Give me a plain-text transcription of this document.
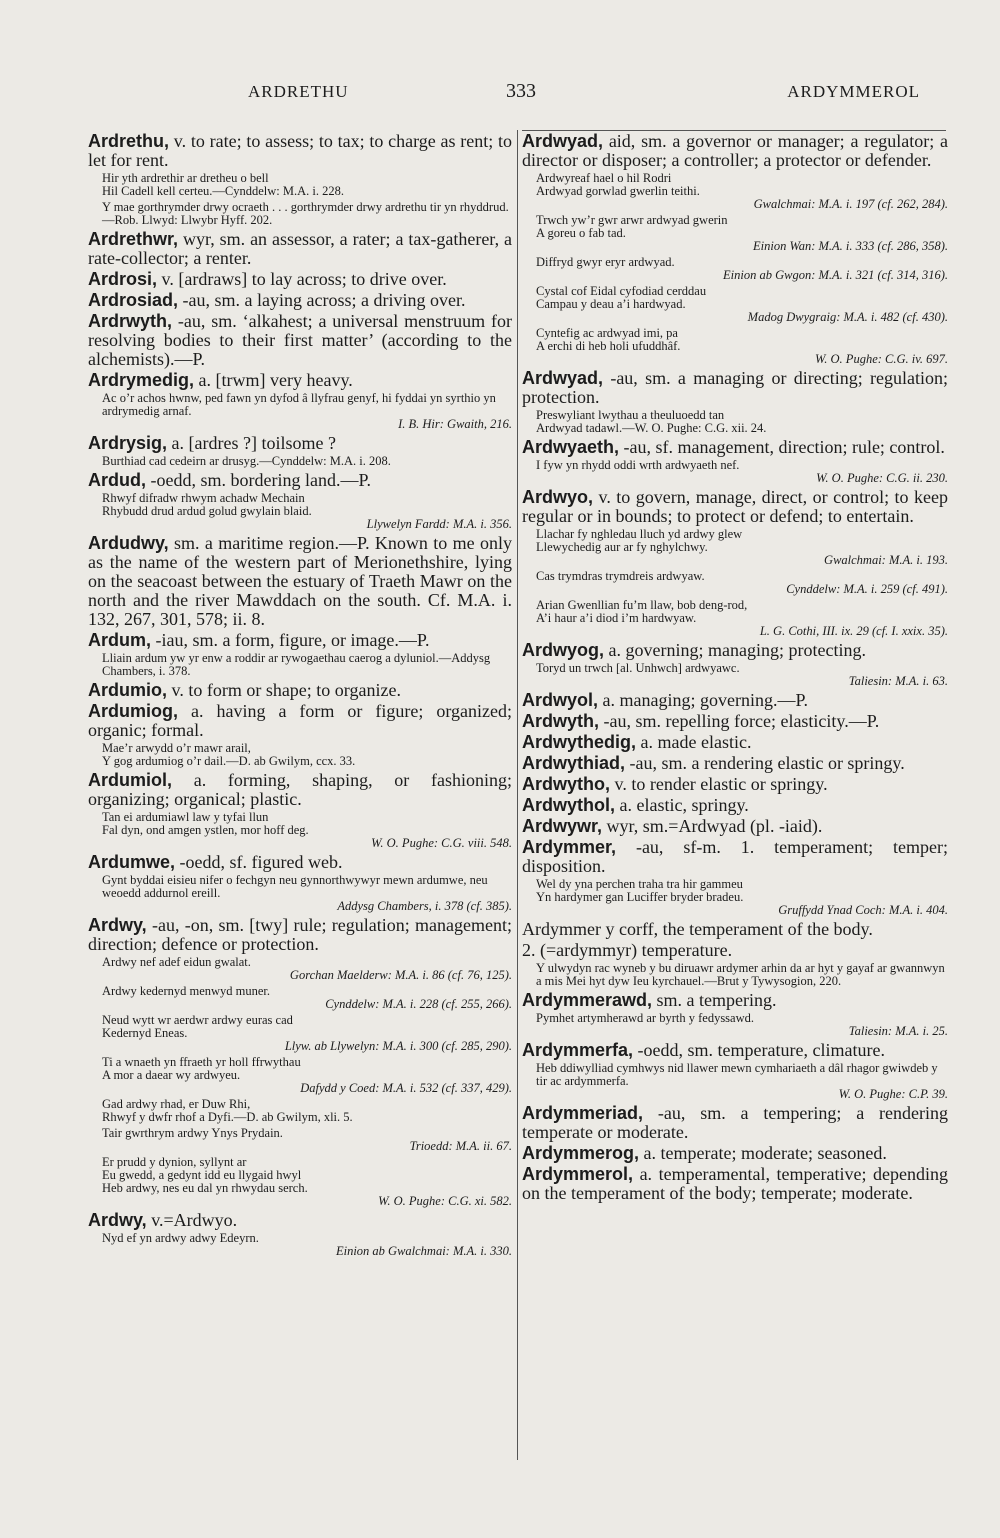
ARDRETHU	333	ARDYMMEROL
Ardrethu, v. to rate; to assess; to tax; to charge as rent; to let for rent.
Hir yth ardrethir ar dretheu o bell
Hil Cadell kell certeu.—Cynddelw: M.A. i. 228.
Y mae gorthrymder drwy ocraeth . . . gorthrymder drwy ardrethu tir yn rhyddrud.—Rob. Llwyd: Llwybr Hyff. 202.
Ardrethwr, wyr, sm. an assessor, a rater; a tax-gatherer, a rate-collector; a renter.
Ardrosi, v. [ardraws] to lay across; to drive over.
Ardrosiad, -au, sm. a laying across; a driving over.
Ardrwyth, -au, sm. ‘alkahest; a universal menstruum for resolving bodies to their first matter’ (according to the alchemists).—P.
Ardrymedig, a. [trwm] very heavy.
Ac o’r achos hwnw, ped fawn yn dyfod â llyfrau genyf, hi fyddai yn syrthio yn ardrymedig arnaf.
I. B. Hir: Gwaith, 216.
Ardrysig, a. [ardres ?] toilsome ?
Burthiad cad cedeirn ar drusyg.—Cynddelw: M.A. i. 208.
Ardud, -oedd, sm. bordering land.—P.
Rhwyf difradw rhwym achadw Mechain
Rhybudd drud ardud golud gwylain blaid.
Llywelyn Fardd: M.A. i. 356.
Ardudwy, sm. a maritime region.—P. Known to me only as the name of the western part of Merionethshire, lying on the seacoast between the estuary of Traeth Mawr on the north and the river Mawddach on the south. Cf. M.A. i. 132, 267, 301, 578; ii. 8.
Ardum, -iau, sm. a form, figure, or image.—P.
Lliain ardum yw yr enw a roddir ar rywogaethau caerog a dyluniol.—Addysg Chambers, i. 378.
Ardumio, v. to form or shape; to organize.
Ardumiog, a. having a form or figure; organized; organic; formal.
Mae’r arwydd o’r mawr arail,
Y gog ardumiog o’r dail.—D. ab Gwilym, ccx. 33.
Ardumiol, a. forming, shaping, or fashioning; organizing; organical; plastic.
Tan ei ardumiawl law y tyfai llun
Fal dyn, ond amgen ystlen, mor hoff deg.
W. O. Pughe: C.G. viii. 548.
Ardumwe, -oedd, sf. figured web.
Gynt byddai eisieu nifer o fechgyn neu gynnorthwywyr mewn ardumwe, neu weoedd addurnol ereill.
Addysg Chambers, i. 378 (cf. 385).
Ardwy, -au, -on, sm. [twy] rule; regulation; management; direction; defence or protection.
Ardwy nef adef eidun gwalat.
Gorchan Maelderw: M.A. i. 86 (cf. 76, 125).
Ardwy kedernyd menwyd muner.
Cynddelw: M.A. i. 228 (cf. 255, 266).
Neud wytt wr aerdwr ardwy euras cad
Kedernyd Eneas.
Llyw. ab Llywelyn: M.A. i. 300 (cf. 285, 290).
Ti a wnaeth yn ffraeth yr holl ffrwythau
A mor a daear wy ardwyeu.
Dafydd y Coed: M.A. i. 532 (cf. 337, 429).
Gad ardwy rhad, er Duw Rhi,
Rhwyf y dwfr rhof a Dyfi.—D. ab Gwilym, xli. 5.
Tair gwrthrym ardwy Ynys Prydain.
Trioedd: M.A. ii. 67.
Er prudd y dynion, syllynt ar
Eu gwedd, a gedynt idd eu llygaid hwyl
Heb ardwy, nes eu dal yn rhwydau serch.
W. O. Pughe: C.G. xi. 582.
Ardwy, v.=Ardwyo.
Nyd ef yn ardwy adwy Edeyrn.
Einion ab Gwalchmai: M.A. i. 330.
Ardwyad, aid, sm. a governor or manager; a regulator; a director or disposer; a controller; a protector or defender.
Ardwyreaf hael o hil Rodri
Ardwyad gorwlad gwerlin teithi.
Gwalchmai: M.A. i. 197 (cf. 262, 284).
Trwch yw’r gwr arwr ardwyad gwerin
A goreu o fab tad.
Einion Wan: M.A. i. 333 (cf. 286, 358).
Diffryd gwyr eryr ardwyad.
Einion ab Gwgon: M.A. i. 321 (cf. 314, 316).
Cystal cof Eidal cyfodiad cerddau
Campau y deau a’i hardwyad.
Madog Dwygraig: M.A. i. 482 (cf. 430).
Cyntefig ac ardwyad imi, pa
A erchi di heb holi ufuddhâf.
W. O. Pughe: C.G. iv. 697.
Ardwyad, -au, sm. a managing or directing; regulation; protection.
Preswyliant lwythau a theuluoedd tan
Ardwyad tadawl.—W. O. Pughe: C.G. xii. 24.
Ardwyaeth, -au, sf. management, direction; rule; control.
I fyw yn rhydd oddi wrth ardwyaeth nef.
W. O. Pughe: C.G. ii. 230.
Ardwyo, v. to govern, manage, direct, or control; to keep regular or in bounds; to protect or defend; to entertain.
Llachar fy nghledau lluch yd ardwy glew
Llewychedig aur ar fy nghylchwy.
Gwalchmai: M.A. i. 193.
Cas trymdras trymdreis ardwyaw.
Cynddelw: M.A. i. 259 (cf. 491).
Arian Gwenllian fu’m llaw, bob deng-rod,
A’i haur a’i diod i’m hardwyaw.
L. G. Cothi, III. ix. 29 (cf. I. xxix. 35).
Ardwyog, a. governing; managing; protecting.
Toryd un trwch [al. Unhwch] ardwyawc.
Taliesin: M.A. i. 63.
Ardwyol, a. managing; governing.—P.
Ardwyth, -au, sm. repelling force; elasticity.—P.
Ardwythedig, a. made elastic.
Ardwythiad, -au, sm. a rendering elastic or springy.
Ardwytho, v. to render elastic or springy.
Ardwythol, a. elastic, springy.
Ardwywr, wyr, sm.=Ardwyad (pl. -iaid).
Ardymmer, -au, sf-m. 1. temperament; temper; disposition.
Wel dy yna perchen traha tra hir gammeu
Yn hardymer gan Luciffer bryder bradeu.
Gruffydd Ynad Coch: M.A. i. 404.
Ardymmer y corff, the temperament of the body.
2. (=ardymmyr) temperature.
Y ulwydyn rac wyneb y bu diruawr ardymer arhin da ar hyt y gayaf ar gwannwyn a mis Mei hyt dyw Ieu kyrchauel.—Brut y Tywysogion, 220.
Ardymmerawd, sm. a tempering.
Pymhet artymherawd ar byrth y fedyssawd.
Taliesin: M.A. i. 25.
Ardymmerfa, -oedd, sm. temperature, climature.
Heb ddiwylliad cymhwys nid llawer mewn cymhariaeth a dâl rhagor gwiwdeb y tir ac ardymmerfa.
W. O. Pughe: C.P. 39.
Ardymmeriad, -au, sm. a tempering; a rendering temperate or moderate.
Ardymmerog, a. temperate; moderate; seasoned.
Ardymmerol, a. temperamental, temperative; depending on the temperament of the body; temperate; moderate.
